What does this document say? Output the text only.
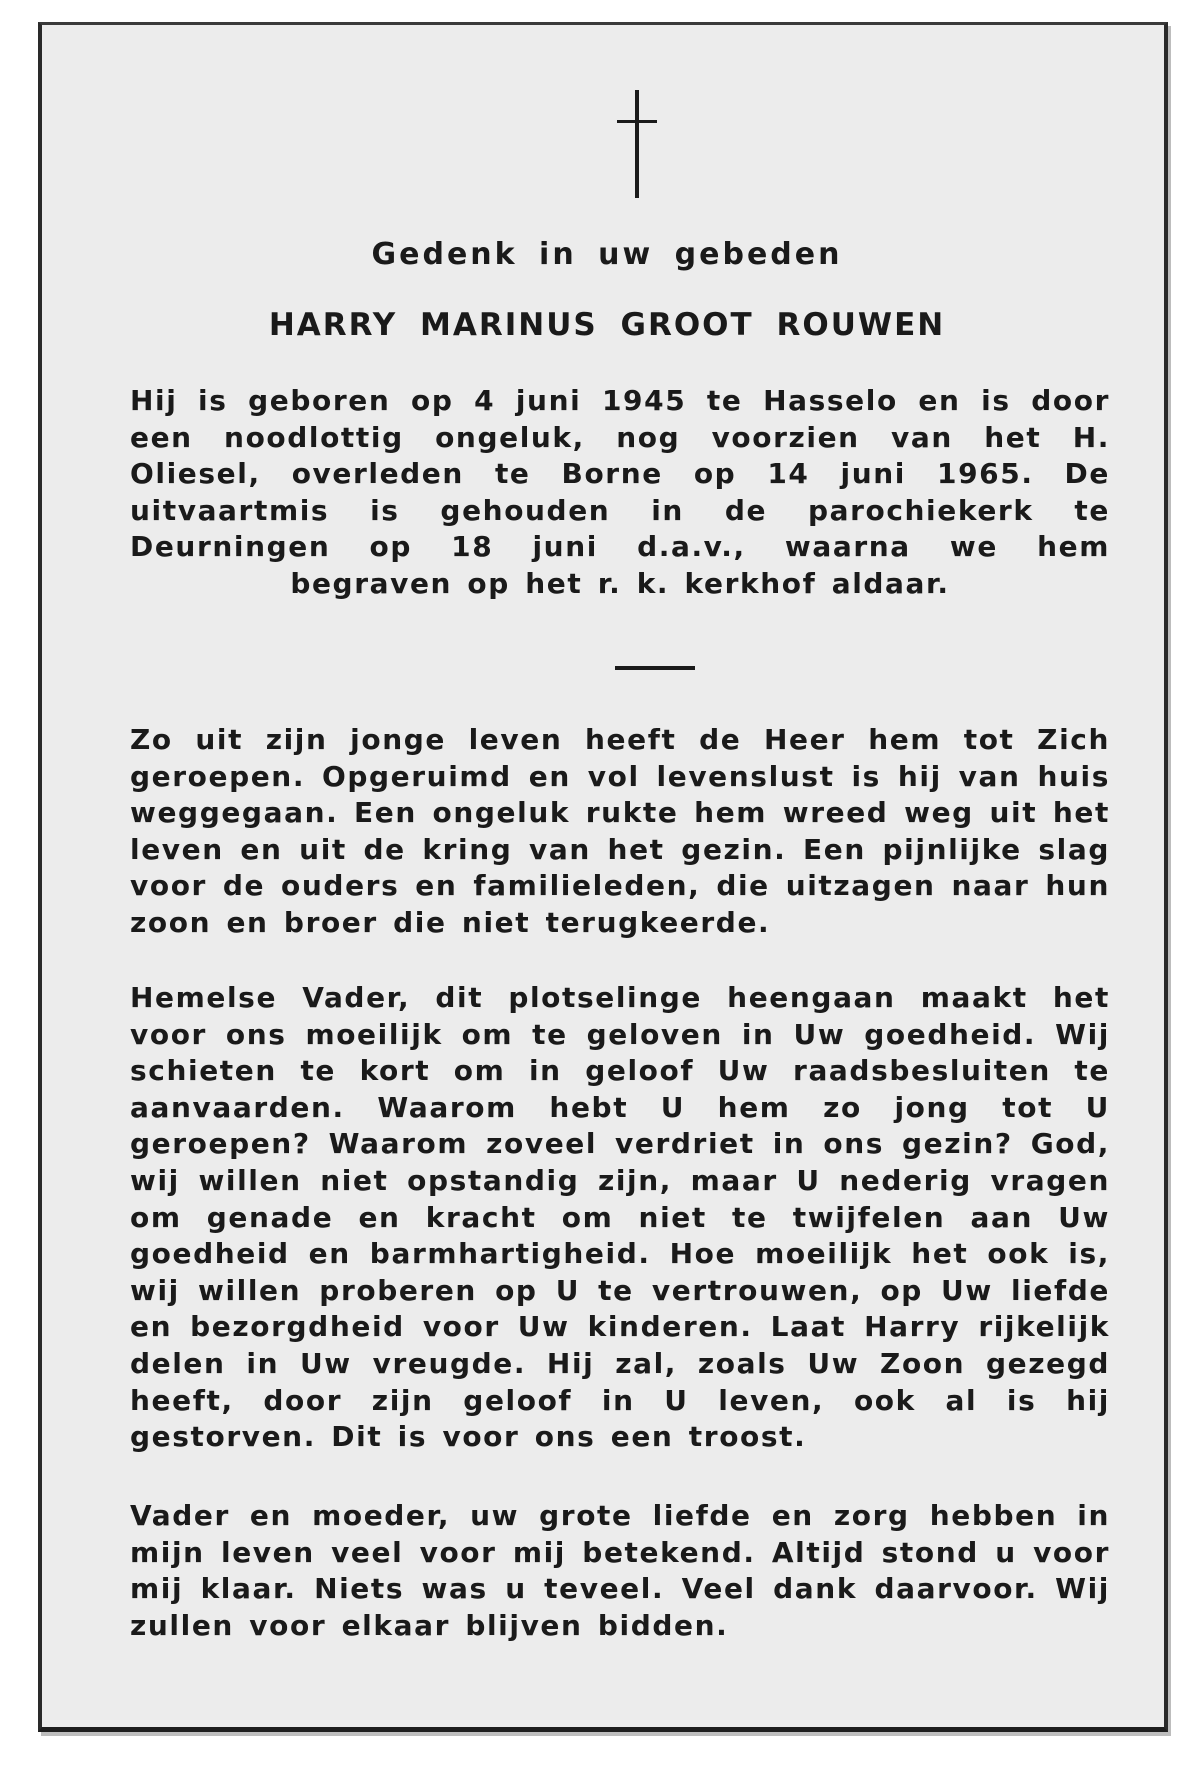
Gedenk in uw gebeden
HARRY MARINUS GROOT ROUWEN

Hij is geboren op 4 juni 1945 te Hasselo en is door een noodlottig ongeluk, nog voorzien van het H. Oliesel, overleden te Borne op 14 juni 1965. De uitvaartmis is gehouden in de parochiekerk te Deurningen op 18 juni d.a.v., waarna we hem begraven op het r. k. kerkhof aldaar.

Zo uit zijn jonge leven heeft de Heer hem tot Zich geroepen. Opgeruimd en vol levenslust is hij van huis weggegaan. Een ongeluk rukte hem wreed weg uit het leven en uit de kring van het gezin. Een pijnlijke slag voor de ouders en familieleden, die uitzagen naar hun zoon en broer die niet terugkeerde.

Hemelse Vader, dit plotselinge heengaan maakt het voor ons moeilijk om te geloven in Uw goedheid. Wij schieten te kort om in geloof Uw raadsbesluiten te aanvaarden. Waarom hebt U hem zo jong tot U geroepen? Waarom zoveel verdriet in ons gezin? God, wij willen niet opstandig zijn, maar U nederig vragen om genade en kracht om niet te twijfelen aan Uw goedheid en barmhartigheid. Hoe moeilijk het ook is, wij willen proberen op U te vertrouwen, op Uw liefde en bezorgdheid voor Uw kinderen. Laat Harry rijkelijk delen in Uw vreugde. Hij zal, zoals Uw Zoon gezegd heeft, door zijn geloof in U leven, ook al is hij gestorven. Dit is voor ons een troost.

Vader en moeder, uw grote liefde en zorg hebben in mijn leven veel voor mij betekend. Altijd stond u voor mij klaar. Niets was u teveel. Veel dank daarvoor. Wij zullen voor elkaar blijven bidden.
